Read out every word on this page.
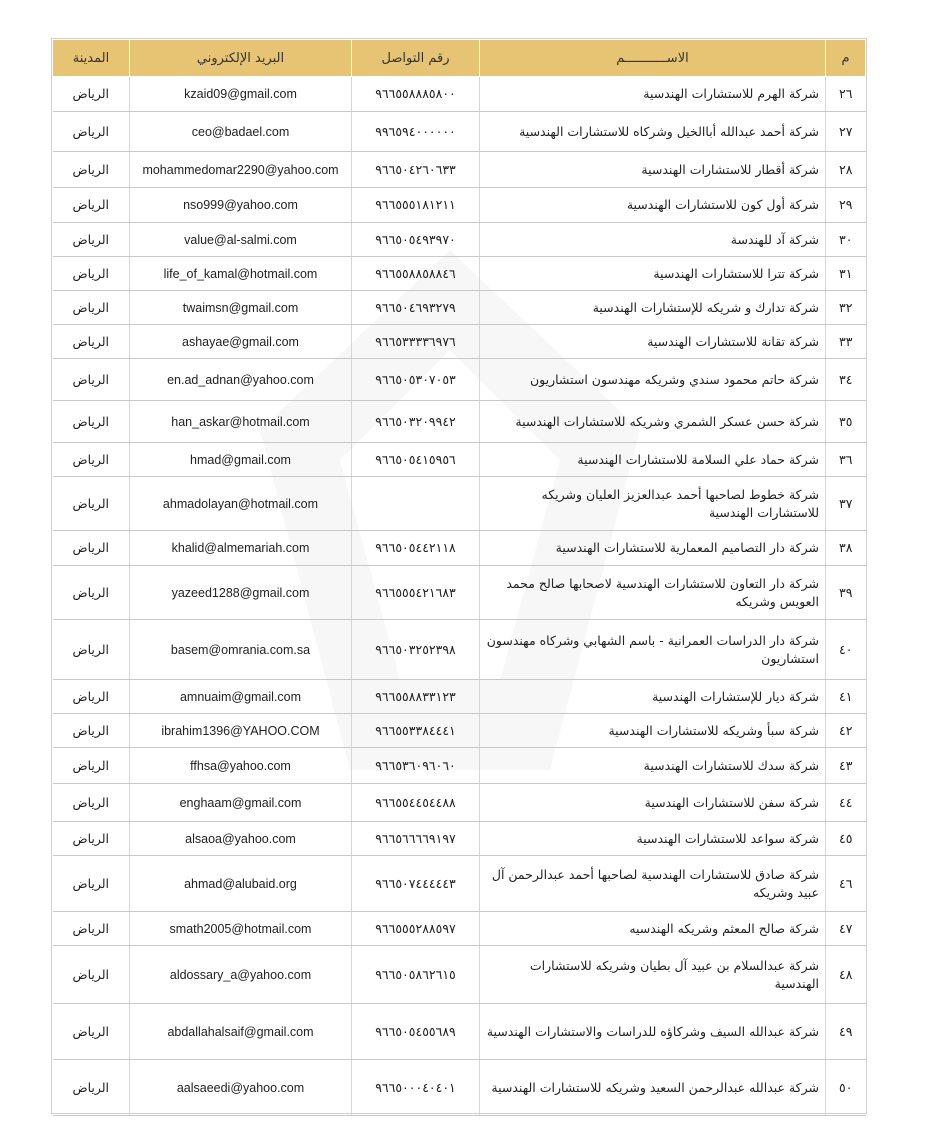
م	الاســـــــــــم	رقم التواصل	البريد الإلكتروني	المدينة
٢٦	شركة الهرم للاستشارات الهندسية	٩٦٦٥٥٨٨٨٥٨٠٠	kzaid09@gmail.com	الرياض
٢٧	شركة أحمد عبدالله أباالخيل وشركاه للاستشارات الهندسية	٩٩٦٥٩٤٠٠٠٠٠٠	ceo@badael.com	الرياض
٢٨	شركة أقطار للاستشارات الهندسية	٩٦٦٥٠٤٢٦٠٦٣٣	mohammedomar2290@yahoo.com	الرياض
٢٩	شركة أول كون للاستشارات الهندسية	٩٦٦٥٥٥١٨١٢١١	nso999@yahoo.com	الرياض
٣٠	شركة آد للهندسة	٩٦٦٥٠٥٤٩٣٩٧٠	value@al-salmi.com	الرياض
٣١	شركة تترا للاستشارات الهندسية	٩٦٦٥٥٨٨٥٨٨٤٦	life_of_kamal@hotmail.com	الرياض
٣٢	شركة تدارك و شريكه للإستشارات الهندسية	٩٦٦٥٠٤٦٩٣٢٧٩	twaimsn@gmail.com	الرياض
٣٣	شركة تقانة للاستشارات الهندسية	٩٦٦٥٣٣٣٣٦٩٧٦	ashayae@gmail.com	الرياض
٣٤	شركة حاتم محمود سندي وشريكه مهندسون استشاريون	٩٦٦٥٠٥٣٠٧٠٥٣	en.ad_adnan@yahoo.com	الرياض
٣٥	شركة حسن عسكر الشمري وشريكه للاستشارات الهندسية	٩٦٦٥٠٣٢٠٩٩٤٢	han_askar@hotmail.com	الرياض
٣٦	شركة حماد علي السلامة للاستشارات الهندسية	٩٦٦٥٠٥٤١٥٩٥٦	hmad@gmail.com	الرياض
٣٧	شركة خطوط لصاحبها أحمد عبدالعزيز العليان وشريكه للاستشارات الهندسية		ahmadolayan@hotmail.com	الرياض
٣٨	شركة دار التصاميم المعمارية للاستشارات الهندسية	٩٦٦٥٠٥٤٤٢١١٨	khalid@almemariah.com	الرياض
٣٩	شركة دار التعاون للاستشارات الهندسية لاصحابها صالح محمد العويس وشريكه	٩٦٦٥٥٥٤٢١٦٨٣	yazeed1288@gmail.com	الرياض
٤٠	شركة دار الدراسات العمرانية - باسم الشهابي وشركاه مهندسون استشاريون	٩٦٦٥٠٣٢٥٢٣٩٨	basem@omrania.com.sa	الرياض
٤١	شركة ديار للإستشارات الهندسية	٩٦٦٥٥٨٨٣٣١٢٣	amnuaim@gmail.com	الرياض
٤٢	شركة سبأ وشريكه للاستشارات الهندسية	٩٦٦٥٥٣٣٨٤٤٤١	ibrahim1396@YAHOO.COM	الرياض
٤٣	شركة سدك للاستشارات الهندسية	٩٦٦٥٣٦٠٩٦٠٦٠	ffhsa@yahoo.com	الرياض
٤٤	شركة سفن للاستشارات الهندسية	٩٦٦٥٥٤٤٥٤٤٨٨	enghaam@gmail.com	الرياض
٤٥	شركة سواعد للاستشارات الهندسية	٩٦٦٥٦٦٦٦٩١٩٧	alsaoa@yahoo.com	الرياض
٤٦	شركة صادق للاستشارات الهندسية لصاحبها أحمد عبدالرحمن آل عبيد وشريكه	٩٦٦٥٠٧٤٤٤٤٤٣	ahmad@alubaid.org	الرياض
٤٧	شركة صالح المعثم وشريكه الهندسيه	٩٦٦٥٥٥٢٨٨٥٩٧	smath2005@hotmail.com	الرياض
٤٨	شركة عبدالسلام بن عبيد آل بطيان وشريكه للاستشارات الهندسية	٩٦٦٥٠٥٨٦٢٦١٥	aldossary_a@yahoo.com	الرياض
٤٩	شركة عبدالله السيف وشركاؤه للدراسات والاستشارات الهندسية	٩٦٦٥٠٥٤٥٥٦٨٩	abdallahalsaif@gmail.com	الرياض
٥٠	شركة عبدالله عبدالرحمن السعيد وشريكه للاستشارات الهندسية	٩٦٦٥٠٠٠٤٠٤٠١	aalsaeedi@yahoo.com	الرياض
